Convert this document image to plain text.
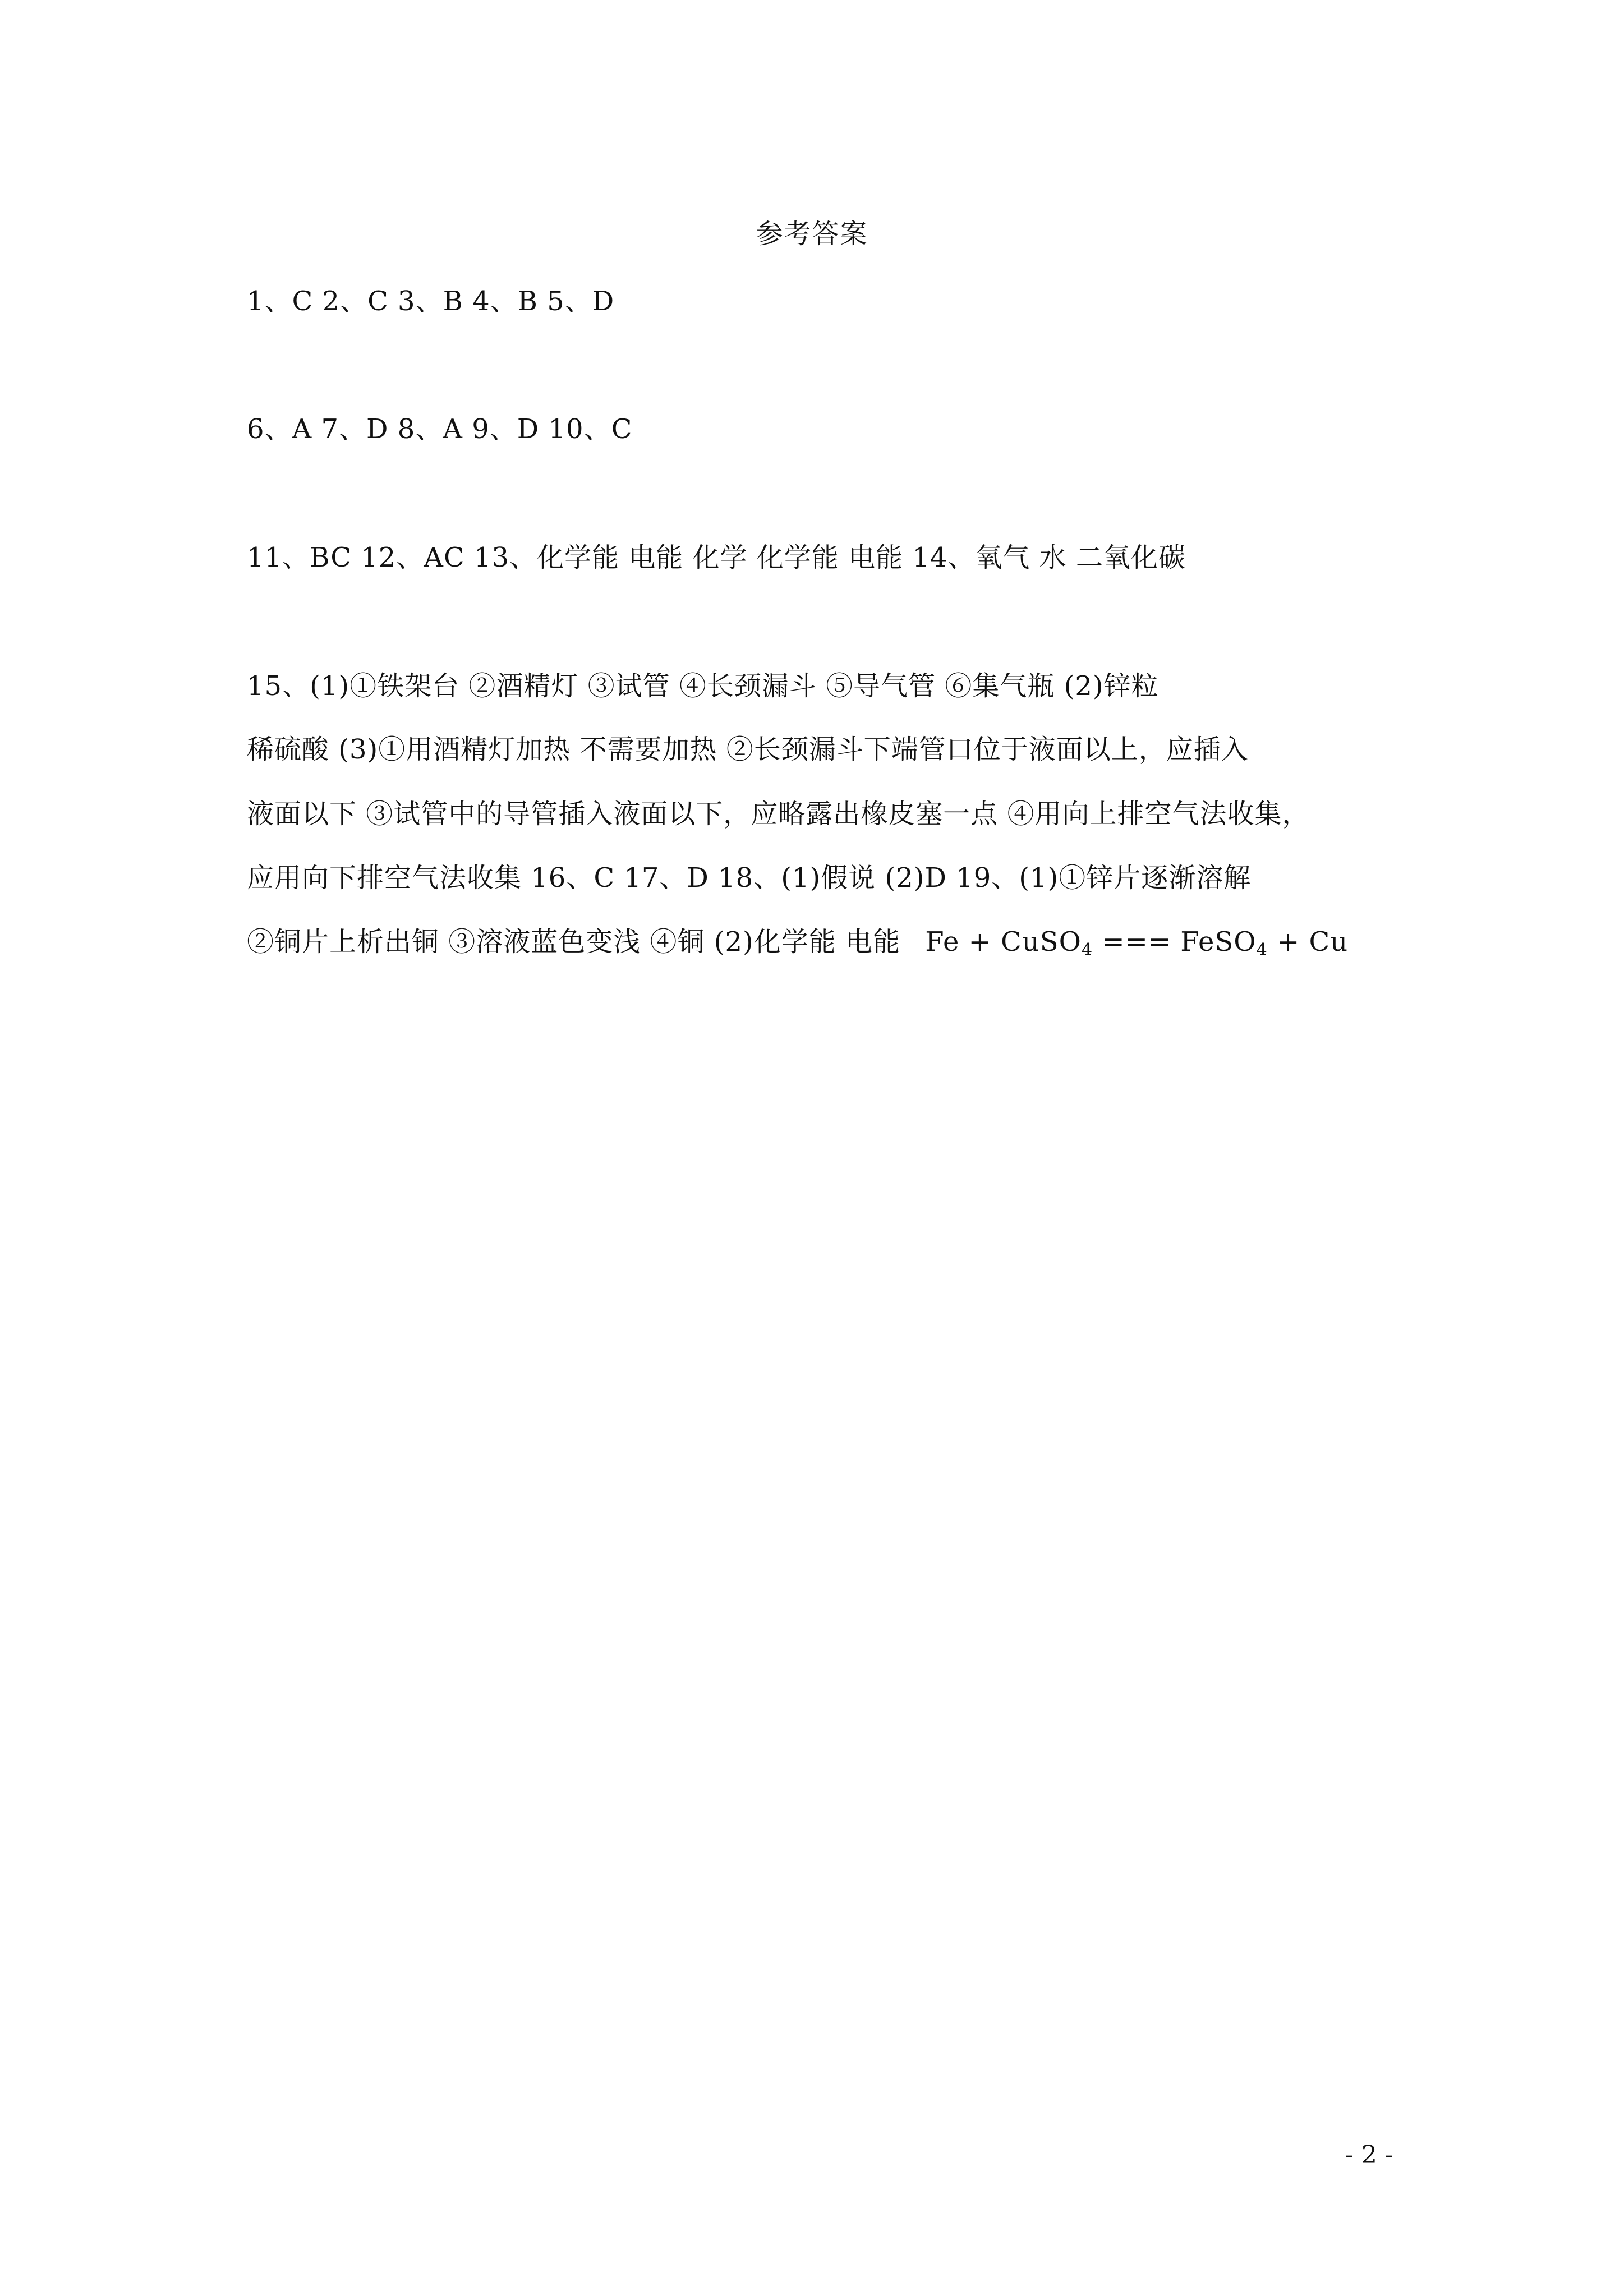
参考答案
1、C 2、C 3、B 4、B 5、D
6、A 7、D 8、A 9、D 10、C
11、BC 12、AC 13、化学能 电能 化学 化学能 电能 14、氧气 水 二氧化碳
15、(1)①铁架台 ②酒精灯 ③试管 ④长颈漏斗 ⑤导气管 ⑥集气瓶 (2)锌粒
稀硫酸 (3)①用酒精灯加热 不需要加热 ②长颈漏斗下端管口位于液面以上，应插入
液面以下 ③试管中的导管插入液面以下，应略露出橡皮塞一点 ④用向上排空气法收集，
应用向下排空气法收集 16、C 17、D 18、(1)假说 (2)D 19、(1)①锌片逐渐溶解
②铜片上析出铜 ③溶液蓝色变浅 ④铜 (2)化学能 电能 Fe + CuSO$_4$ === FeSO$_4$ + Cu
- 2 -
